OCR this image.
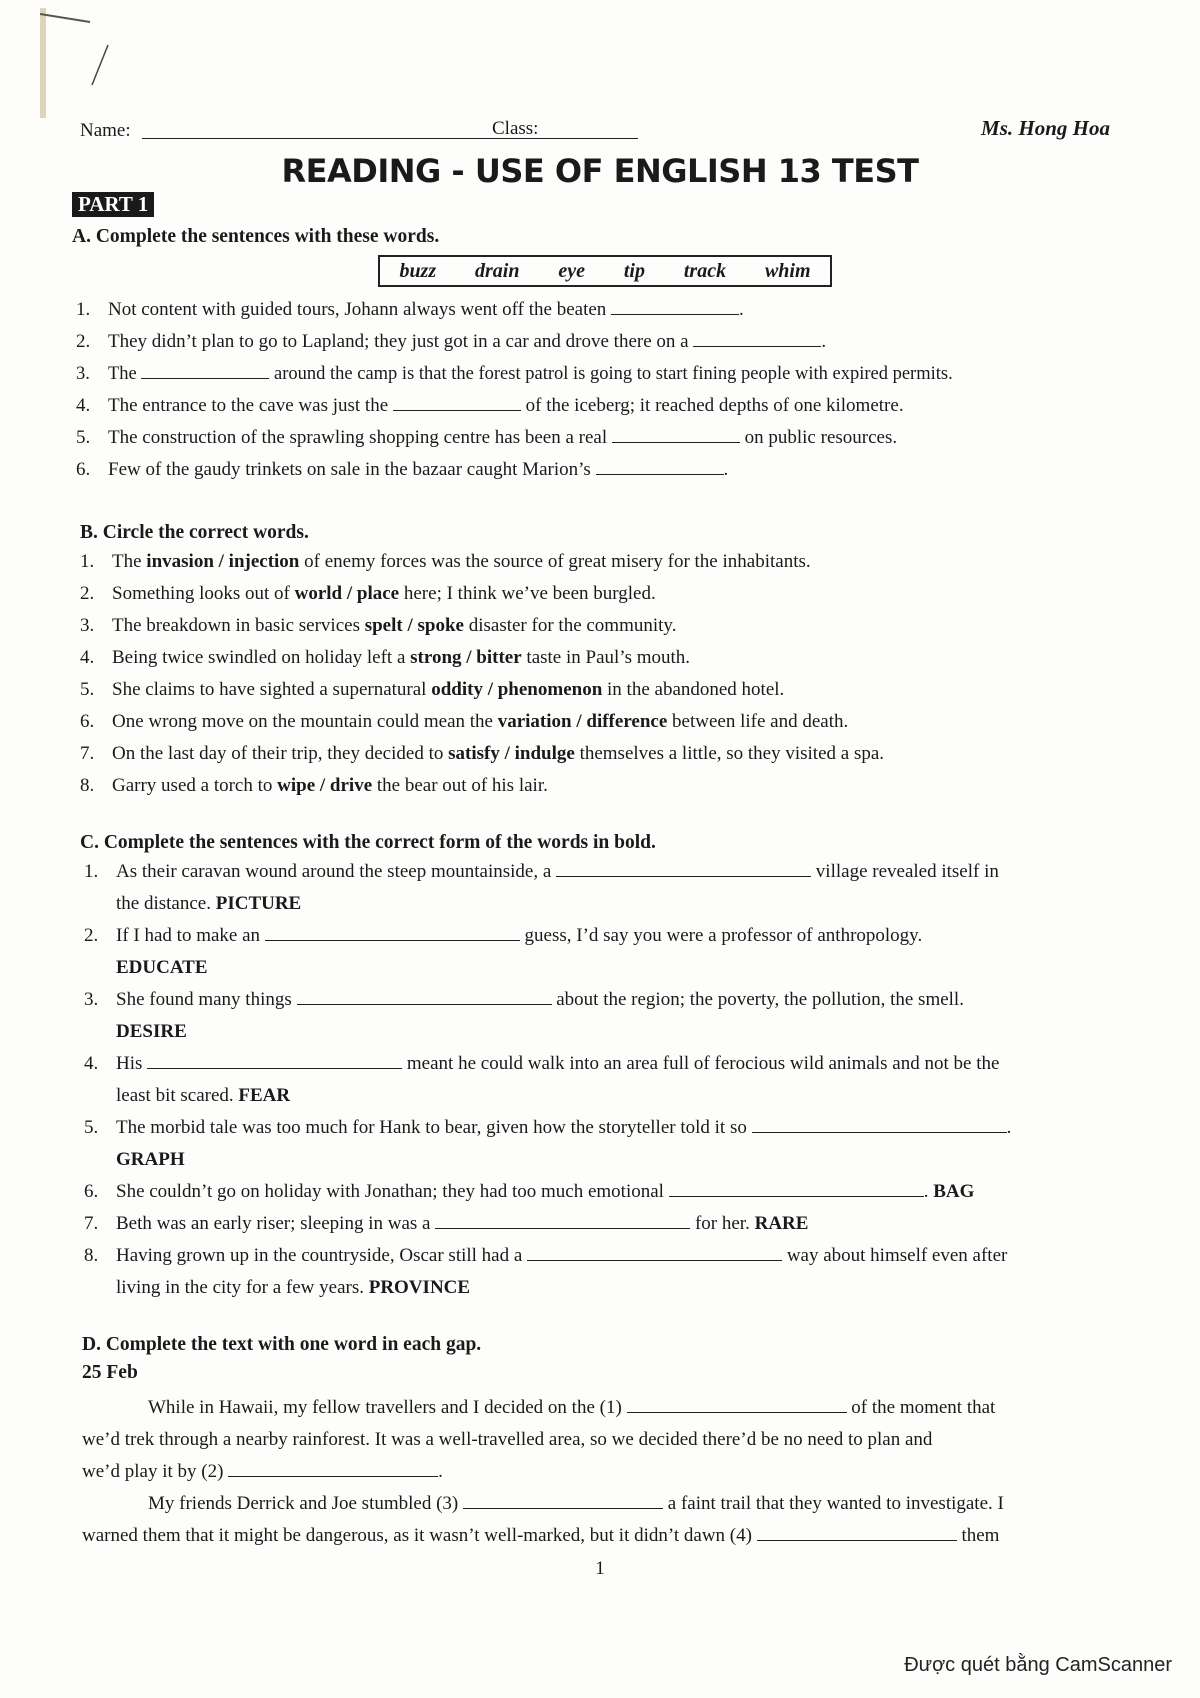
Name:	Class:	Ms. Hong Hoa
READING - USE OF ENGLISH 13 TEST
PART 1
A. Complete the sentences with these words.
buzz drain eye tip track whim
1. Not content with guided tours, Johann always went off the beaten	.
2. They didn’t plan to go to Lapland; they just got in a car and drove there on a	.
3. The	around the camp is that the forest patrol is going to start fining people with expired permits.
4. The entrance to the cave was just the	of the iceberg; it reached depths of one kilometre.
5. The construction of the sprawling shopping centre has been a real	on public resources.
6. Few of the gaudy trinkets on sale in the bazaar caught Marion’s	.
B. Circle the correct words.
1. The invasion / injection of enemy forces was the source of great misery for the inhabitants.
2. Something looks out of world / place here; I think we’ve been burgled.
3. The breakdown in basic services spelt / spoke disaster for the community.
4. Being twice swindled on holiday left a strong / bitter taste in Paul’s mouth.
5. She claims to have sighted a supernatural oddity / phenomenon in the abandoned hotel.
6. One wrong move on the mountain could mean the variation / difference between life and death.
7. On the last day of their trip, they decided to satisfy / indulge themselves a little, so they visited a spa.
8. Garry used a torch to wipe / drive the bear out of his lair.
C. Complete the sentences with the correct form of the words in bold.
1. As their caravan wound around the steep mountainside, a	village revealed itself in
the distance. PICTURE
2. If I had to make an	guess, I’d say you were a professor of anthropology.
EDUCATE
3. She found many things	about the region; the poverty, the pollution, the smell.
DESIRE
4. His	meant he could walk into an area full of ferocious wild animals and not be the
least bit scared. FEAR
5. The morbid tale was too much for Hank to bear, given how the storyteller told it so	.
GRAPH
6. She couldn’t go on holiday with Jonathan; they had too much emotional	. BAG
7. Beth was an early riser; sleeping in was a	for her. RARE
8. Having grown up in the countryside, Oscar still had a	way about himself even after
living in the city for a few years. PROVINCE
D. Complete the text with one word in each gap.
25 Feb
While in Hawaii, my fellow travellers and I decided on the (1)	of the moment that
we’d trek through a nearby rainforest. It was a well-travelled area, so we decided there’d be no need to plan and
we’d play it by (2)	.
My friends Derrick and Joe stumbled (3)	a faint trail that they wanted to investigate. I
warned them that it might be dangerous, as it wasn’t well-marked, but it didn’t dawn (4)	them
1
Được quét bằng CamScanner
